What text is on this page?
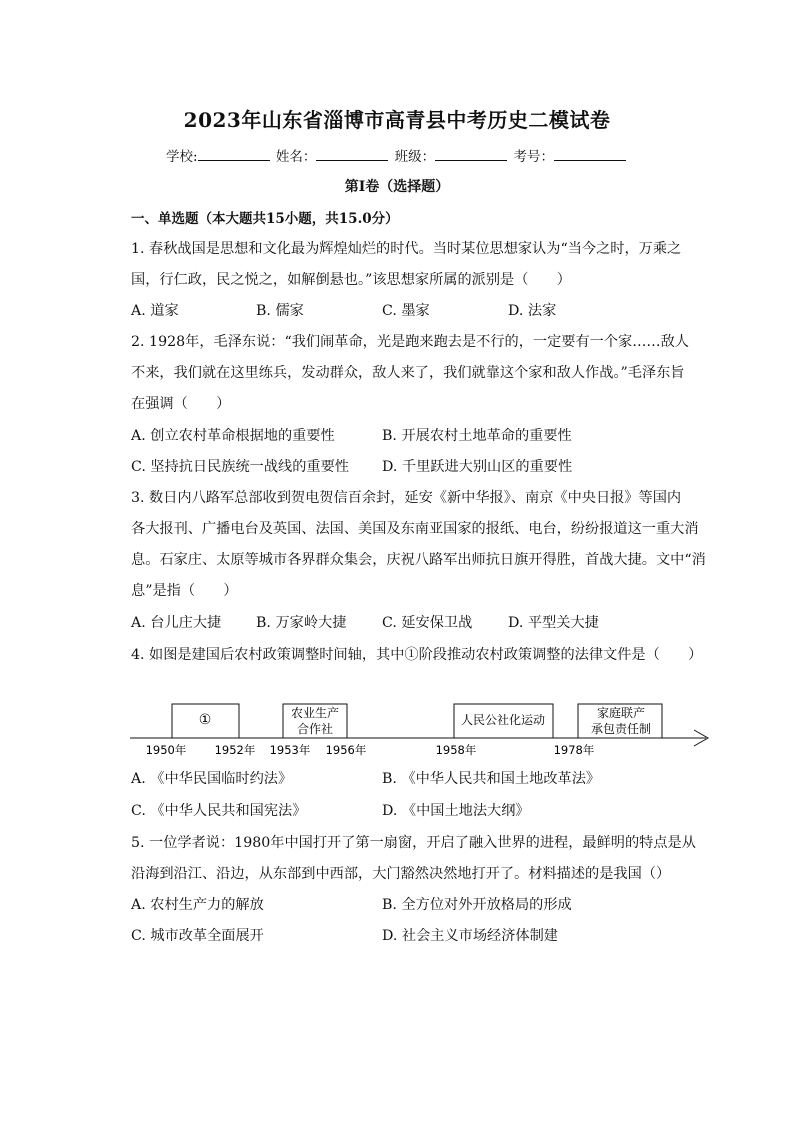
2023年山东省淄博市高青县中考历史二模试卷
学校:	姓名：	班级：	考号：
第Ⅰ卷（选择题）
一、单选题（本大题共15小题，共15.0分）
1. 春秋战国是思想和文化最为辉煌灿烂的时代。当时某位思想家认为“当今之时，万乘之
国，行仁政，民之悦之，如解倒悬也。”该思想家所属的派别是（　　）
A. 道家	B. 儒家	C. 墨家	D. 法家
2. 1928年，毛泽东说：“我们闹革命，光是跑来跑去是不行的，一定要有一个家……敌人
不来，我们就在这里练兵，发动群众，敌人来了，我们就靠这个家和敌人作战。”毛泽东旨
在强调（　　）
A. 创立农村革命根据地的重要性	B. 开展农村土地革命的重要性
C. 坚持抗日民族统一战线的重要性 D. 千里跃进大别山区的重要性
3. 数日内八路军总部收到贺电贺信百余封，延安《新中华报》、南京《中央日报》等国内
各大报刊、广播电台及英国、法国、美国及东南亚国家的报纸、电台，纷纷报道这一重大消
息。石家庄、太原等城市各界群众集会，庆祝八路军出师抗日旗开得胜，首战大捷。文中“消
息”是指（　　）
A. 台儿庄大捷 B. 万家岭大捷	C. 延安保卫战	D. 平型关大捷
4. 如图是建国后农村政策调整时间轴，其中①阶段推动农村政策调整的法律文件是（　　）
①	农业生产
合作社
人民公社化运动	家庭联产
承包责任制
1950年 1952年 1953年 1956年	1958年	1978年
A. 《中华民国临时约法》	B. 《中华人民共和国土地改革法》
C. 《中华人民共和国宪法》	D. 《中国土地法大纲》
5. 一位学者说：1980年中国打开了第一扇窗，开启了融入世界的进程，最鲜明的特点是从
沿海到沿江、沿边，从东部到中西部，大门豁然决然地打开了。材料描述的是我国（）
A. 农村生产力的解放	B. 全方位对外开放格局的形成
C. 城市改革全面展开	D. 社会主义市场经济体制建
